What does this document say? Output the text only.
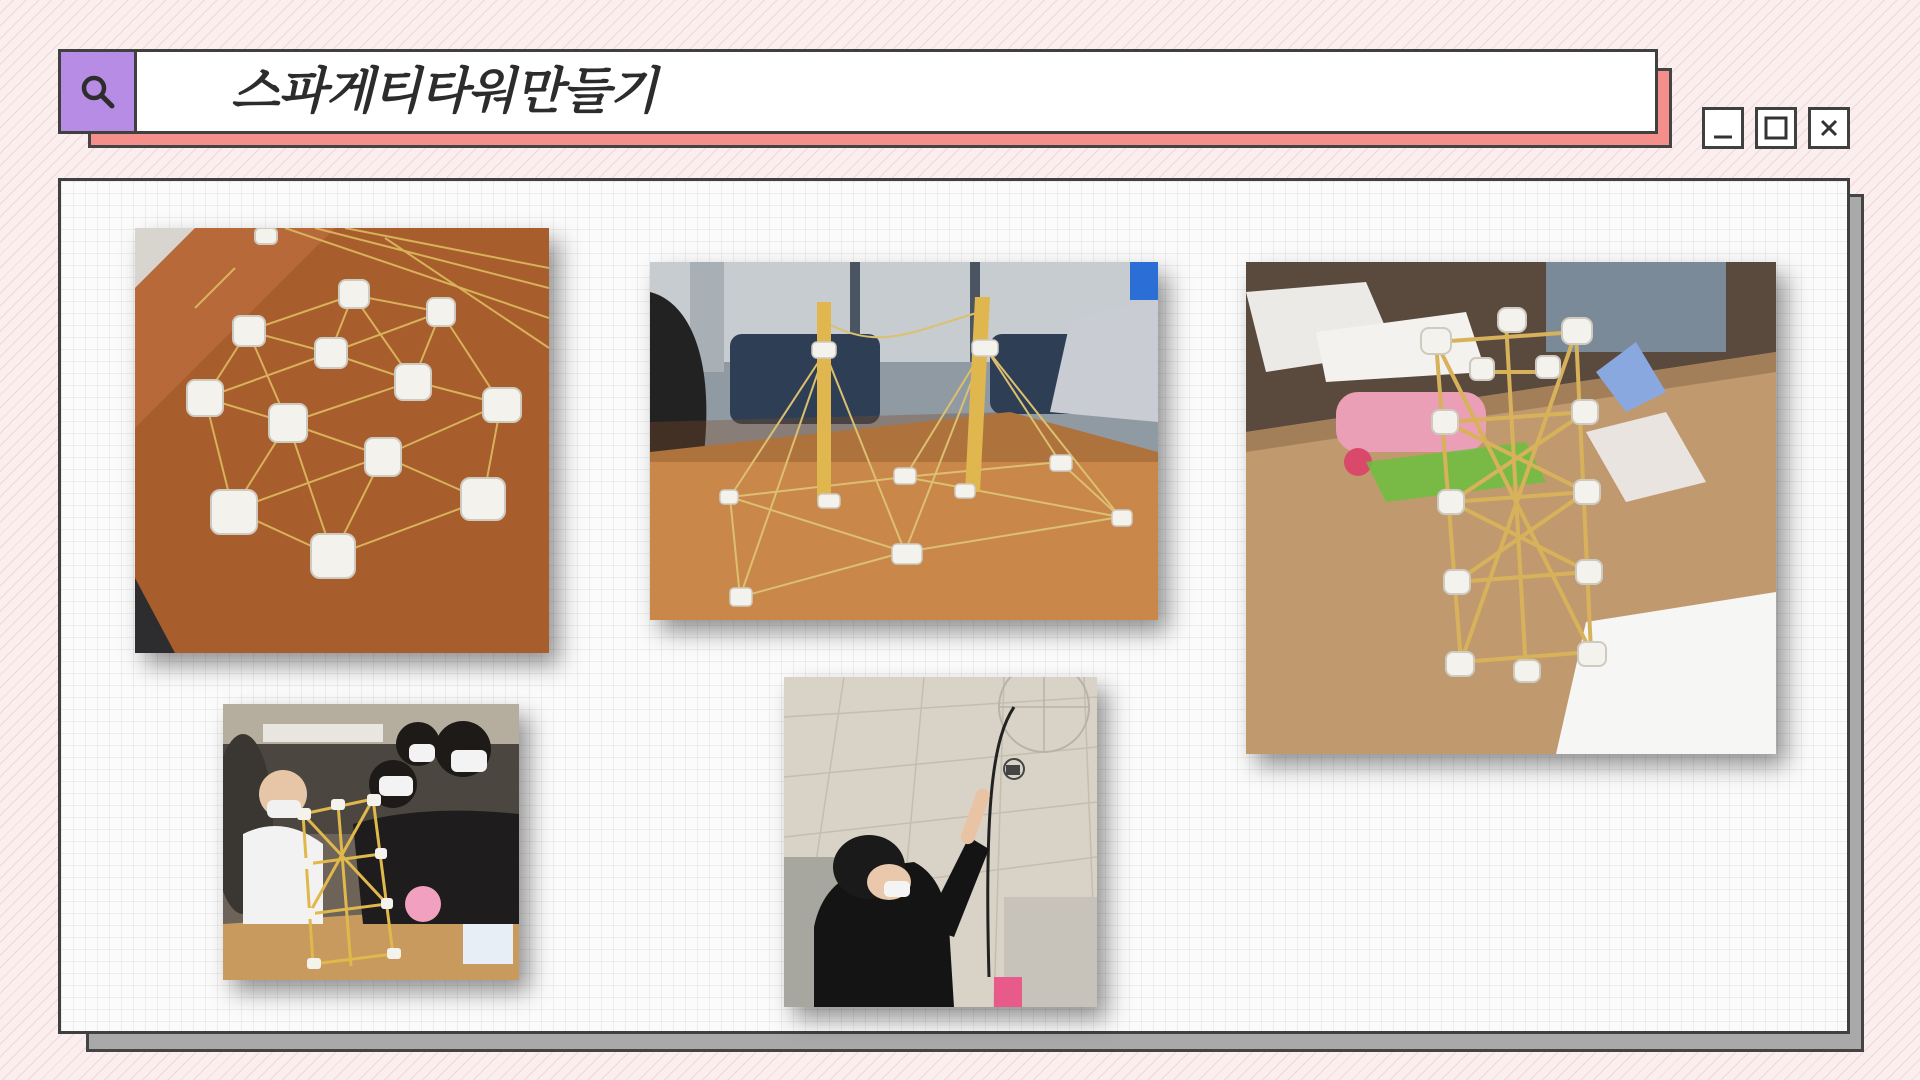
스파게티타워만들기
